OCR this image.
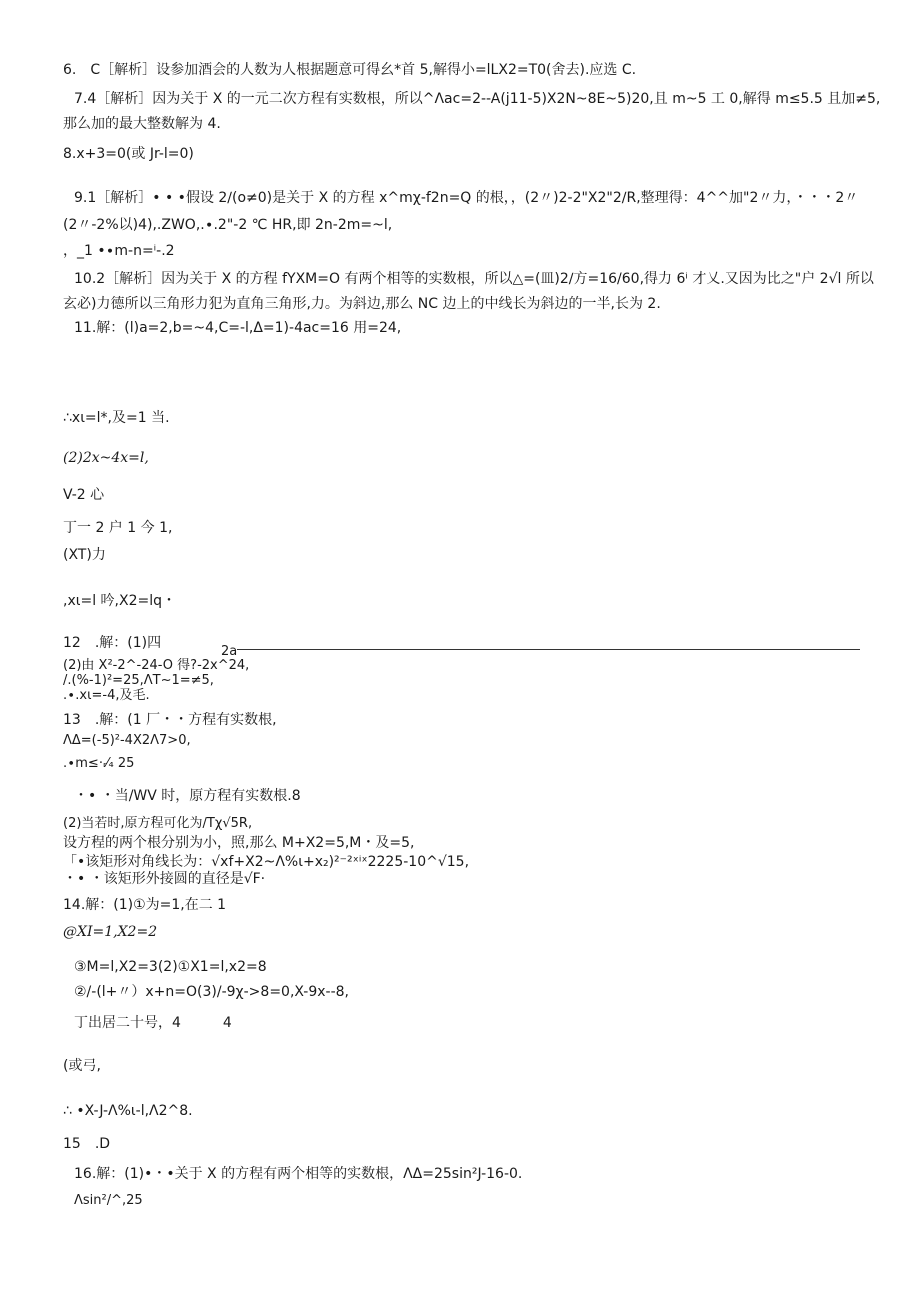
6.　C［解析］设参加酒会的人数为人根据题意可得幺*首 5,解得小=lLX2=T0(舍去).应选 C.
7.4［解析］因为关于 X 的一元二次方程有实数根，所以^Λac=2--A(j11-5)X2N~8E~5)20,且 m~5 工 0,解得 m≤5.5 且加≠5,
那么加的最大整数解为 4.
8.x+3=0(或 Jr-l=0)
9.1［解析］• • •假设 2∕(o≠0)是关于 X 的方程 x^mχ-f2n=Q 的根，，(2〃)2-2"X2"2∕R,整理得：4^^加"2〃力，・・・2〃
(2〃-2%以)4),.ZWO,.∙.2"-2 ℃ HR,即 2n-2m=~l,
，_1 •∙m-n=ⁱ-.2
10.2［解析］因为关于 X 的方程 fYXM=O 有两个相等的实数根，所以△=(皿)2∕方=16/60,得力 6ⁱ 才乂.又因为比之"户 2√l 所以
玄必)力德所以三角形力犯为直角三角形,力。为斜边,那么 NC 边上的中线长为斜边的一半,长为 2.
11.解：(l)a=2,b=~4,C=-l,Δ=1)-4ac=16 用=24,
∴xι=l*,及=1 当.
(2)2x~4x=l,
V-2 心
丁一 2 户 1 今 1,
(XT)力
,xι=l 吟,X2=lq・
12　.解：(1)四
2a
(2)由 X²-2^-24-O 得?-2x^24,
/.(%-1)²=25,ΛT~1=≠5,
.∙.xι=-4,及毛.
13　.解：(1 厂・・方程有实数根,
ΛΔ=(-5)²-4X2Λ7>0,
.∙m≤·ᵣ⁄₄ 25
・• ・当/WV 时，原方程有实数根.8
(2)当若时,原方程可化为/Tχ√5R,
设方程的两个根分别为小，照,那么 M+X2=5,M・及=5,
「•该矩形对角线长为：√xf+X2~Λ%ι+x₂)²⁻²ˣⁱˣ2225-10^√15,
・• ・该矩形外接圆的直径是√F·
14.解：(1)①为=1,在二 1
@XI=1,X2=2
③M=l,X2=3(2)①X1=l,x2=8
②/-(l+〃）x+n=O(3)/-9χ->8=0,X-9x--8,
丁出居二十号，4　　　4
(或弓,
∴ •X-J-Λ%ι-l,Λ2^8.
15　.D
16.解：(1)•・•关于 X 的方程有两个相等的实数根，ΛΔ=25sin²J-16-0.
Λsin²/^,25
